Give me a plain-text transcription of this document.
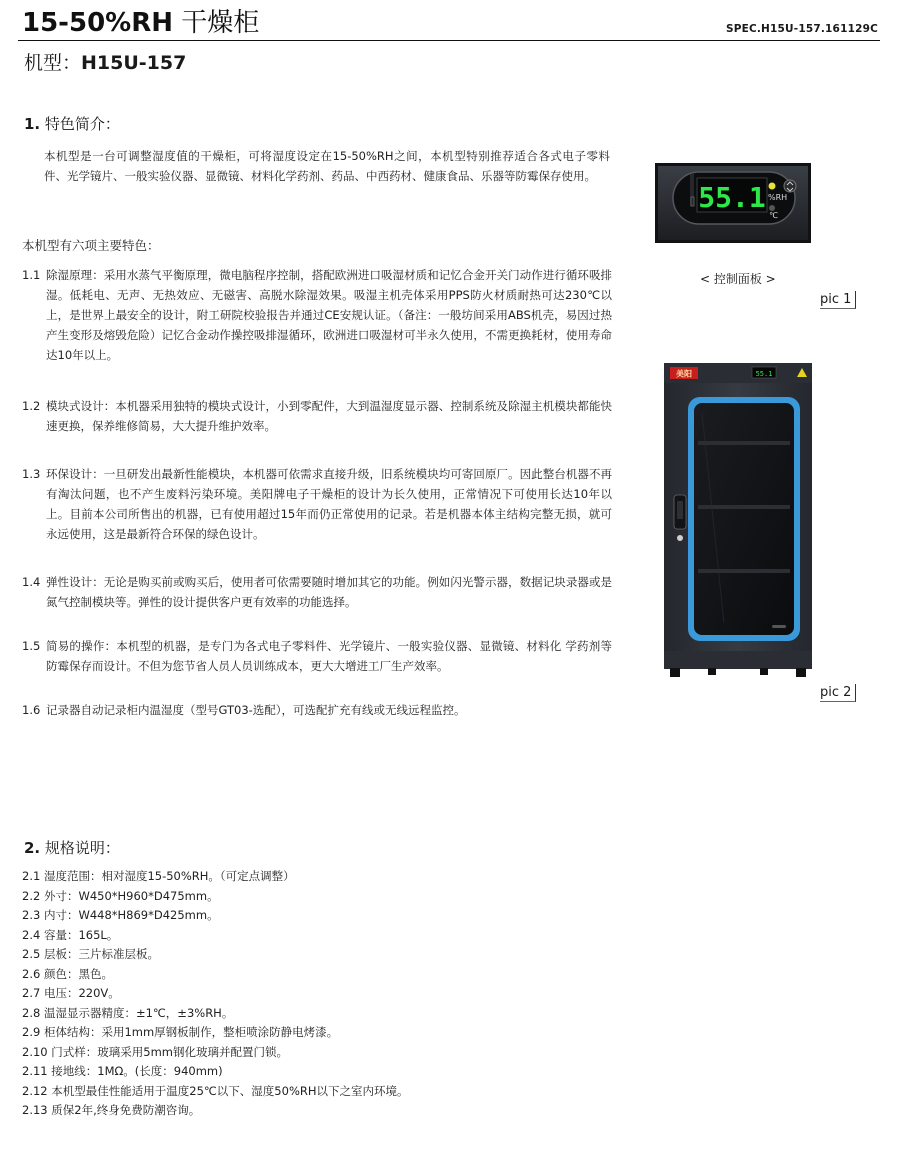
15-50%RH 干燥柜	SPEC.H15U-157.161129C
机型：H15U-157
1. 特色简介：
本机型是一台可调整湿度值的干燥柜，可将湿度设定在15-50%RH之间，本机型特别推荐适合各式电子零料件、光学镜片、一般实验仪器、显微镜、材料化学药剂、药品、中西药材、健康食品、乐器等防霉保存使用。
本机型有六项主要特色：
1.1 除湿原理：采用水蒸气平衡原理，微电脑程序控制，搭配欧洲进口吸湿材质和记忆合金开关门动作进行循环吸排湿。低耗电、无声、无热效应、无磁害、高脱水除湿效果。吸湿主机壳体采用PPS防火材质耐热可达230℃以上，是世界上最安全的设计，附工研院校验报告并通过CE安规认证。（备注：一般坊间采用ABS机壳，易因过热产生变形及熔毁危险）记忆合金动作操控吸排湿循环，欧洲进口吸湿材可半永久使用，不需更换耗材，使用寿命达10年以上。
1.2 模块式设计：本机器采用独特的模块式设计，小到零配件，大到温湿度显示器、控制系统及除湿主机模块都能快速更换，保养维修简易，大大提升维护效率。
1.3 环保设计：一旦研发出最新性能模块，本机器可依需求直接升级，旧系统模块均可寄回原厂。因此整台机器不再有淘汰问题，也不产生废料污染环境。美阳牌电子干燥柜的设计为长久使用，正常情况下可使用长达10年以上。目前本公司所售出的机器，已有使用超过15年而仍正常使用的记录。若是机器本体主结构完整无损，就可永远使用，这是最新符合环保的绿色设计。
1.4 弹性设计：无论是购买前或购买后，使用者可依需要随时增加其它的功能。例如闪光警示器，数据记块录器或是氮气控制模块等。弹性的设计提供客户更有效率的功能选择。
1.5 简易的操作：本机型的机器，是专门为各式电子零料件、光学镜片、一般实验仪器、显微镜、材料化 学药剂等防霉保存而设计。不但为您节省人员人员训练成本，更大大增进工厂生产效率。
1.6 记录器自动记录柜内温湿度（型号GT03-选配），可选配扩充有线或无线远程监控。
2. 规格说明：
2.1 湿度范围：相对湿度15-50%RH。（可定点调整）
2.2 外寸：W450*H960*D475mm。
2.3 内寸：W448*H869*D425mm。
2.4 容量：165L。
2.5 层板：三片标准层板。
2.6 颜色：黑色。
2.7 电压：220V。
2.8 温湿显示器精度：±1℃，±3%RH。
2.9 柜体结构：采用1mm厚钢板制作，整柜喷涂防静电烤漆。
2.10 门式样：玻璃采用5mm钢化玻璃并配置门锁。
2.11 接地线：1MΩ。(长度：940mm)
2.12 本机型最佳性能适用于温度25℃以下、湿度50%RH以下之室内环境。
2.13 质保2年,终身免费防潮咨询。
55.1 %RH
℃
< 控制面板 >
pic 1
美阳	55.1
pic 2
